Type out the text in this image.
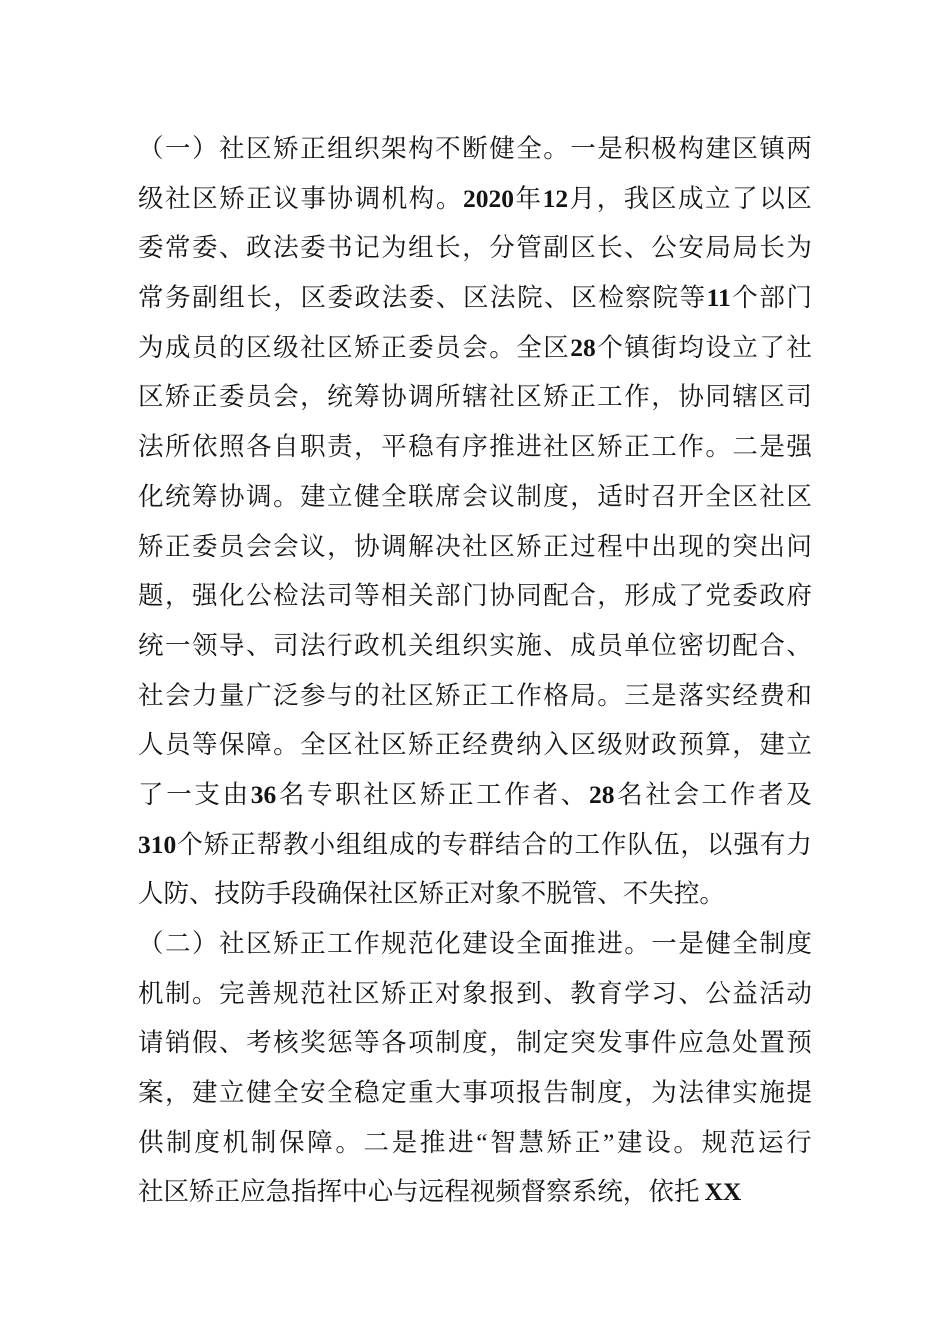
（ 一 ） 社 区 矫 正 组 织 架 构 不 断 健 全 。 一 是 积 极 构 建 区 镇 两
级 社 区 矫 正 议 事 协 调 机 构 。 2020 年 12 月 ， 我 区 成 立 了 以 区
委 常 委 、 政 法 委 书 记 为 组 长 ， 分 管 副 区 长 、 公 安 局 局 长 为
常 务 副 组 长 ， 区 委 政 法 委 、 区 法 院 、 区 检 察 院 等 11 个 部 门
为 成 员 的 区 级 社 区 矫 正 委 员 会 。 全 区 28 个 镇 街 均 设 立 了 社
区 矫 正 委 员 会 ， 统 筹 协 调 所 辖 社 区 矫 正 工 作 ， 协 同 辖 区 司
法 所 依 照 各 自 职 责 ， 平 稳 有 序 推 进 社 区 矫 正 工 作 。 二 是 强
化 统 筹 协 调 。 建 立 健 全 联 席 会 议 制 度 ， 适 时 召 开 全 区 社 区
矫 正 委 员 会 会 议 ， 协 调 解 决 社 区 矫 正 过 程 中 出 现 的 突 出 问
题 ， 强 化 公 检 法 司 等 相 关 部 门 协 同 配 合 ， 形 成 了 党 委 政 府
统 一 领 导 、 司 法 行 政 机 关 组 织 实 施 、 成 员 单 位 密 切 配 合 、
社 会 力 量 广 泛 参 与 的 社 区 矫 正 工 作 格 局 。 三 是 落 实 经 费 和
人 员 等 保 障 。 全 区 社 区 矫 正 经 费 纳 入 区 级 财 政 预 算 ， 建 立
了 一 支 由 36 名 专 职 社 区 矫 正 工 作 者 、 28 名 社 会 工 作 者 及
310 个 矫 正 帮 教 小 组 组 成 的 专 群 结 合 的 工 作 队 伍 ， 以 强 有 力
人防、技防手段确保社区矫正对象不脱管、不失控。
（ 二 ） 社 区 矫 正 工 作 规 范 化 建 设 全 面 推 进 。 一 是 健 全 制 度
机 制 。 完 善 规 范 社 区 矫 正 对 象 报 到 、 教 育 学 习 、 公 益 活 动
请 销 假 、 考 核 奖 惩 等 各 项 制 度 ， 制 定 突 发 事 件 应 急 处 置 预
案 ， 建 立 健 全 安 全 稳 定 重 大 事 项 报 告 制 度 ， 为 法 律 实 施 提
供 制 度 机 制 保 障 。 二 是 推 进 “ 智 慧 矫 正 ” 建 设 。 规 范 运 行
社区矫正应急指挥中心与远程视频督察系统，依托 XX
